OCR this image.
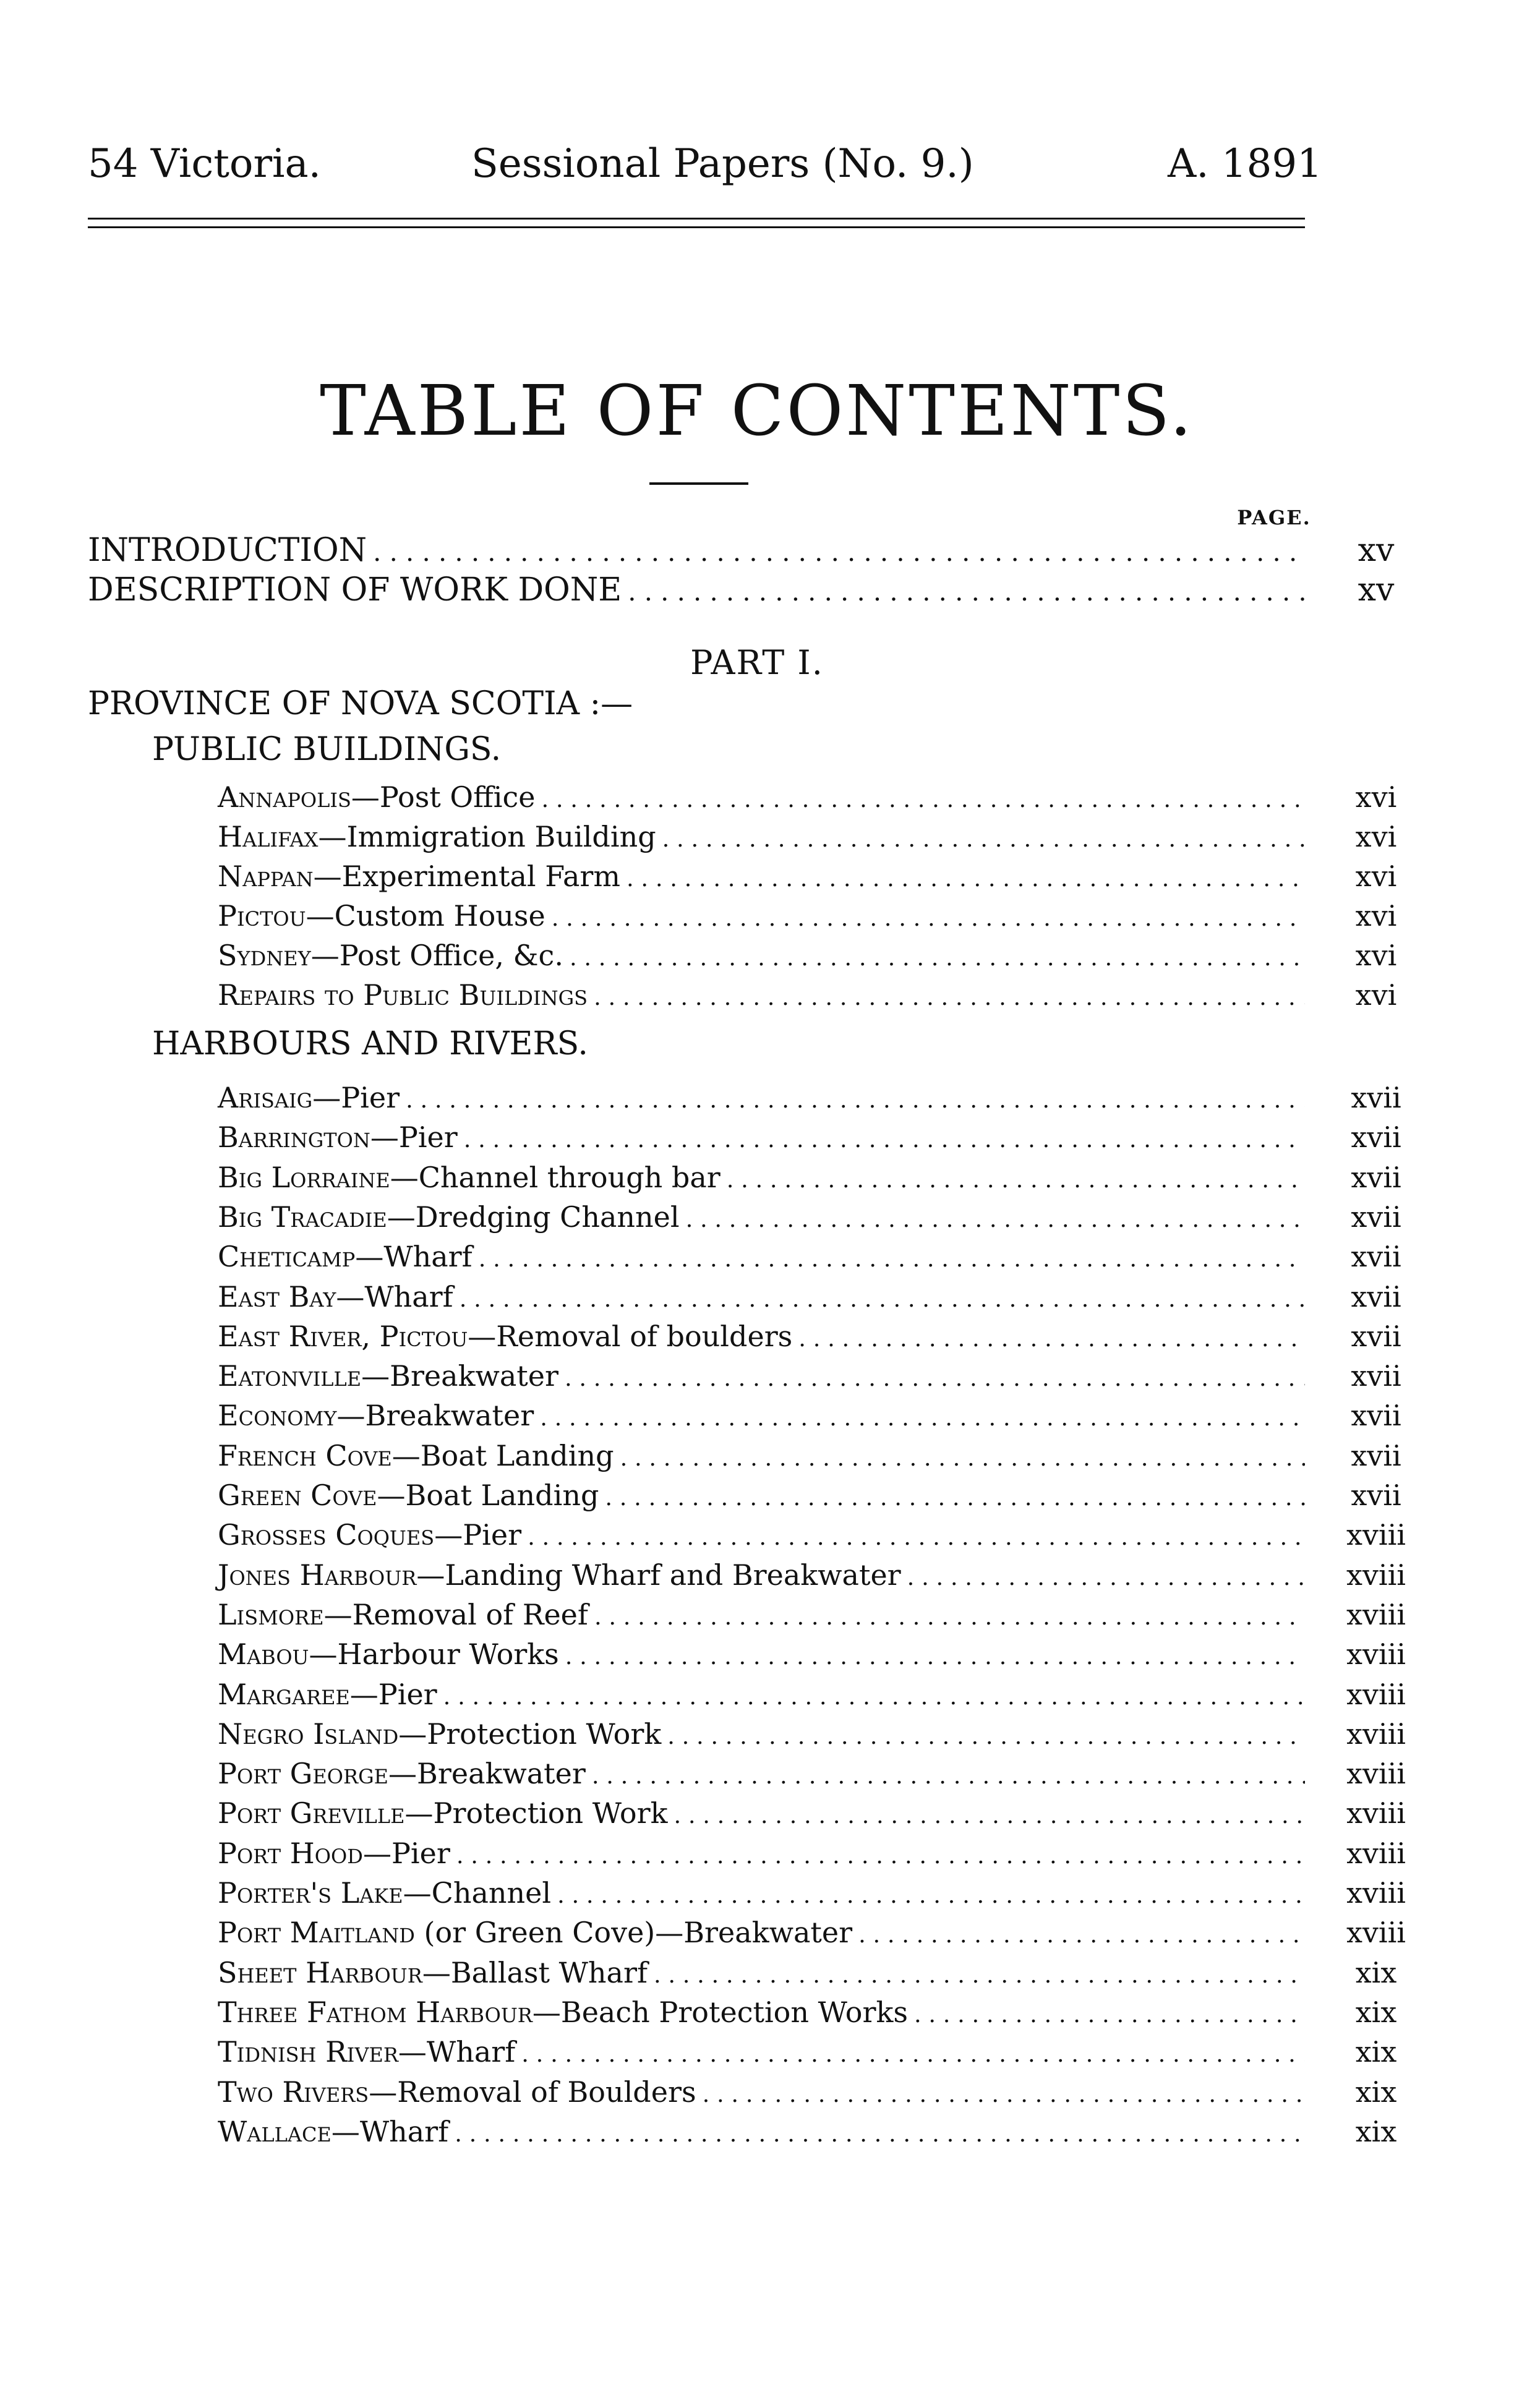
54 Victoria.	Sessional Papers (No. 9.)	A. 1891
TABLE OF CONTENTS.
PAGE.
INTRODUCTION . . .	xv
DESCRIPTION OF WORK DONE . . .	xv
PART I.
PROVINCE OF NOVA SCOTIA :—
PUBLIC BUILDINGS.
Annapolis—Post Office . . .	xvi
Halifax—Immigration Building . . .	xvi
Nappan—Experimental Farm . . .	xvi
Pictou—Custom House . . .	xvi
Sydney—Post Office, &c. . . .	xvi
Repairs to Public Buildings . . .	xvi
HARBOURS AND RIVERS.
Arisaig—Pier . . .	xvii
Barrington—Pier . . .	xvii
Big Lorraine—Channel through bar . . .	xvii
Big Tracadie—Dredging Channel . . .	xvii
Cheticamp—Wharf . . .	xvii
East Bay—Wharf . . .	xvii
East River, Pictou—Removal of boulders . . .	xvii
Eatonville—Breakwater . . .	xvii
Economy—Breakwater . . .	xvii
French Cove—Boat Landing . . .	xvii
Green Cove—Boat Landing . . .	xvii
Grosses Coques—Pier . . .	xviii
Jones Harbour—Landing Wharf and Breakwater . . .	xviii
Lismore—Removal of Reef . . .	xviii
Mabou—Harbour Works . . .	xviii
Margaree—Pier . . .	xviii
Negro Island—Protection Work . . .	xviii
Port George—Breakwater . . .	xviii
Port Greville—Protection Work . . .	xviii
Port Hood—Pier . . .	xviii
Porter's Lake—Channel . . .	xviii
Port Maitland (or Green Cove)—Breakwater . . .	xviii
Sheet Harbour—Ballast Wharf . . .	xix
Three Fathom Harbour—Beach Protection Works . . .	xix
Tidnish River—Wharf . . .	xix
Two Rivers—Removal of Boulders . . .	xix
Wallace—Wharf . . .	xix
